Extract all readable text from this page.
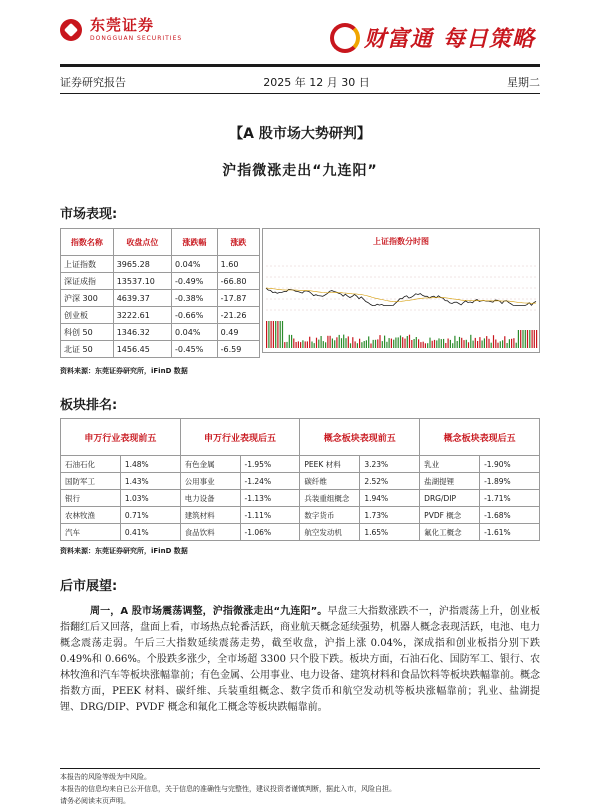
东莞证券
DONGGUAN SECURITIES	财富通 每日策略
证券研究报告	2025 年 12 月 30 日	星期二
【A 股市场大势研判】
沪指微涨走出“九连阳”
市场表现:
指数名称	收盘点位	涨跌幅	涨跌
上证指数	3965.28	0.04%	1.60
深证成指	13537.10	-0.49%	-66.80
沪深 300	4639.37	-0.38%	-17.87
创业板	3222.61	-0.66%	-21.26
科创 50	1346.32	0.04%	0.49
北证 50	1456.45	-0.45%	-6.59
上证指数分时图
资料来源：东莞证券研究所，iFinD 数据
板块排名:
申万行业表现前五		申万行业表现后五		概念板块表现前五		概念板块表现后五	
石油石化	1.48%	有色金属	-1.95%	PEEK 材料	3.23%	乳业	-1.90%
国防军工	1.43%	公用事业	-1.24%	碳纤维	2.52%	盐湖提锂	-1.89%
银行	1.03%	电力设备	-1.13%	兵装重组概念	1.94%	DRG/DIP	-1.71%
农林牧渔	0.71%	建筑材料	-1.11%	数字货币	1.73%	PVDF 概念	-1.68%
汽车	0.41%	食品饮料	-1.06%	航空发动机	1.65%	氟化工概念	-1.61%
资料来源：东莞证券研究所，iFinD 数据
后市展望:
周一，A 股市场震荡调整，沪指微涨走出“九连阳”。早盘三大指数涨跌不一，沪指震荡上升，创业板指翻红后又回落，盘面上看，市场热点轮番活跃，商业航天概念延续强势，机器人概念表现活跃，电池、电力概念震荡走弱。午后三大指数延续震荡走势，截至收盘，沪指上涨 0.04%，深成指和创业板指分别下跌 0.49%和 0.66%。个股跌多涨少，全市场超 3300 只个股下跌。板块方面，石油石化、国防军工、银行、农林牧渔和汽车等板块涨幅靠前；有色金属、公用事业、电力设备、建筑材料和食品饮料等板块跌幅靠前。概念指数方面，PEEK 材料、碳纤维、兵装重组概念、数字货币和航空发动机等板块涨幅靠前；乳业、盐湖提锂、DRG/DIP、PVDF 概念和氟化工概念等板块跌幅靠前。
本报告的风险等级为中风险。
本报告的信息均来自已公开信息，关于信息的准确性与完整性，建议投资者谨慎判断，据此入市，风险自担。
请务必阅读末页声明。
